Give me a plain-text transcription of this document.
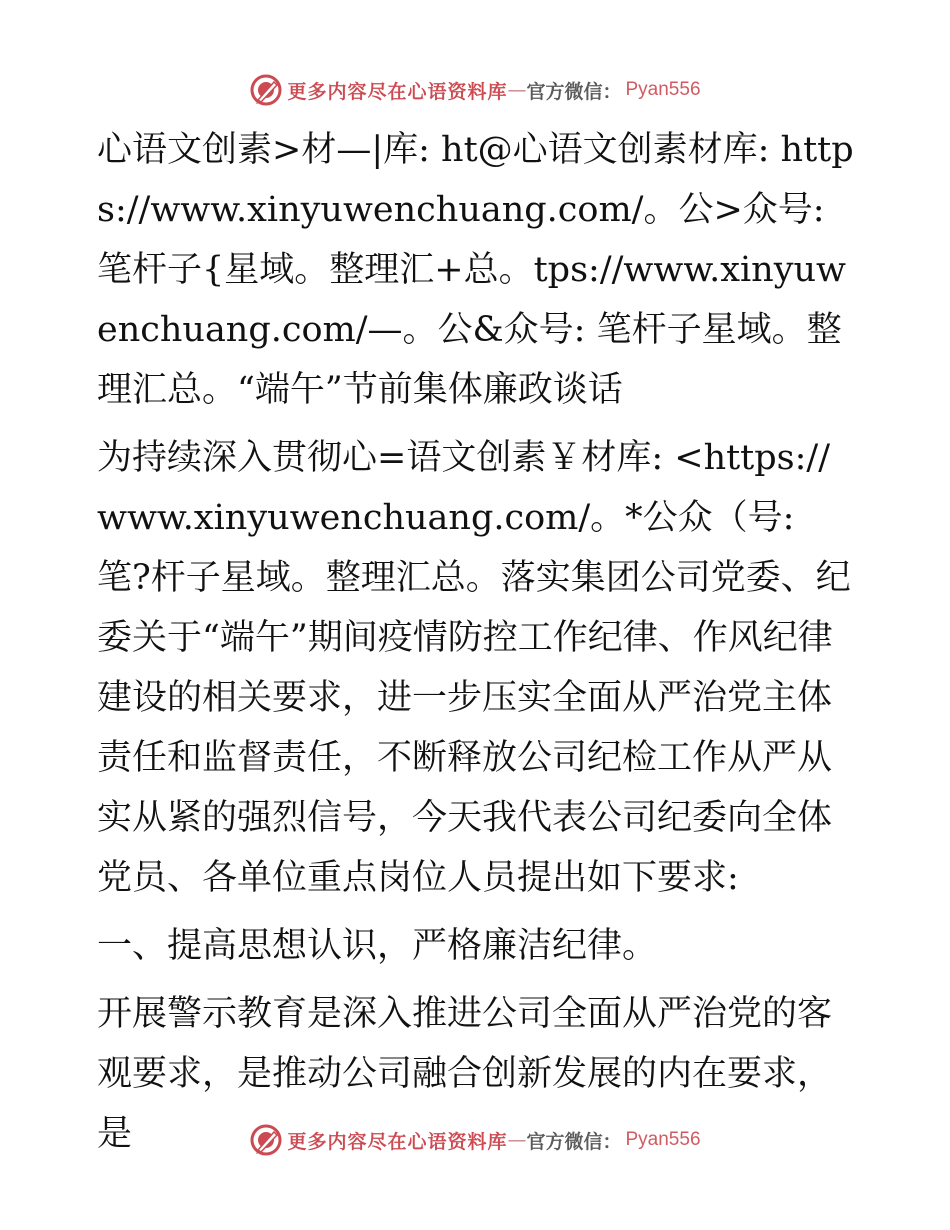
更多内容尽在心语资料库 — 官方微信： Pyan556

心语文创素>材—|库: ht@心语文创素材库: https://www.xinyuwenchuang.com/。公>众号: 笔杆子{星域。整理汇+总。tps://www.xinyuwenchuang.com/—。公&众号: 笔杆子星域。整理汇总。“端午”节前集体廉政谈话

为持续深入贯彻心=语文创素￥材库: <https://www.xinyuwenchuang.com/。*公众（号: 笔?杆子星域。整理汇总。落实集团公司党委、纪委关于“端午”期间疫情防控工作纪律、作风纪律建设的相关要求，进一步压实全面从严治党主体责任和监督责任，不断释放公司纪检工作从严从实从紧的强烈信号，今天我代表公司纪委向全体党员、各单位重点岗位人员提出如下要求:

一、提高思想认识，严格廉洁纪律。

开展警示教育是深入推进公司全面从严治党的客观要求，是推动公司融合创新发展的内在要求，是	更多内容尽在心语资料库 — 官方微信： Pyan556
